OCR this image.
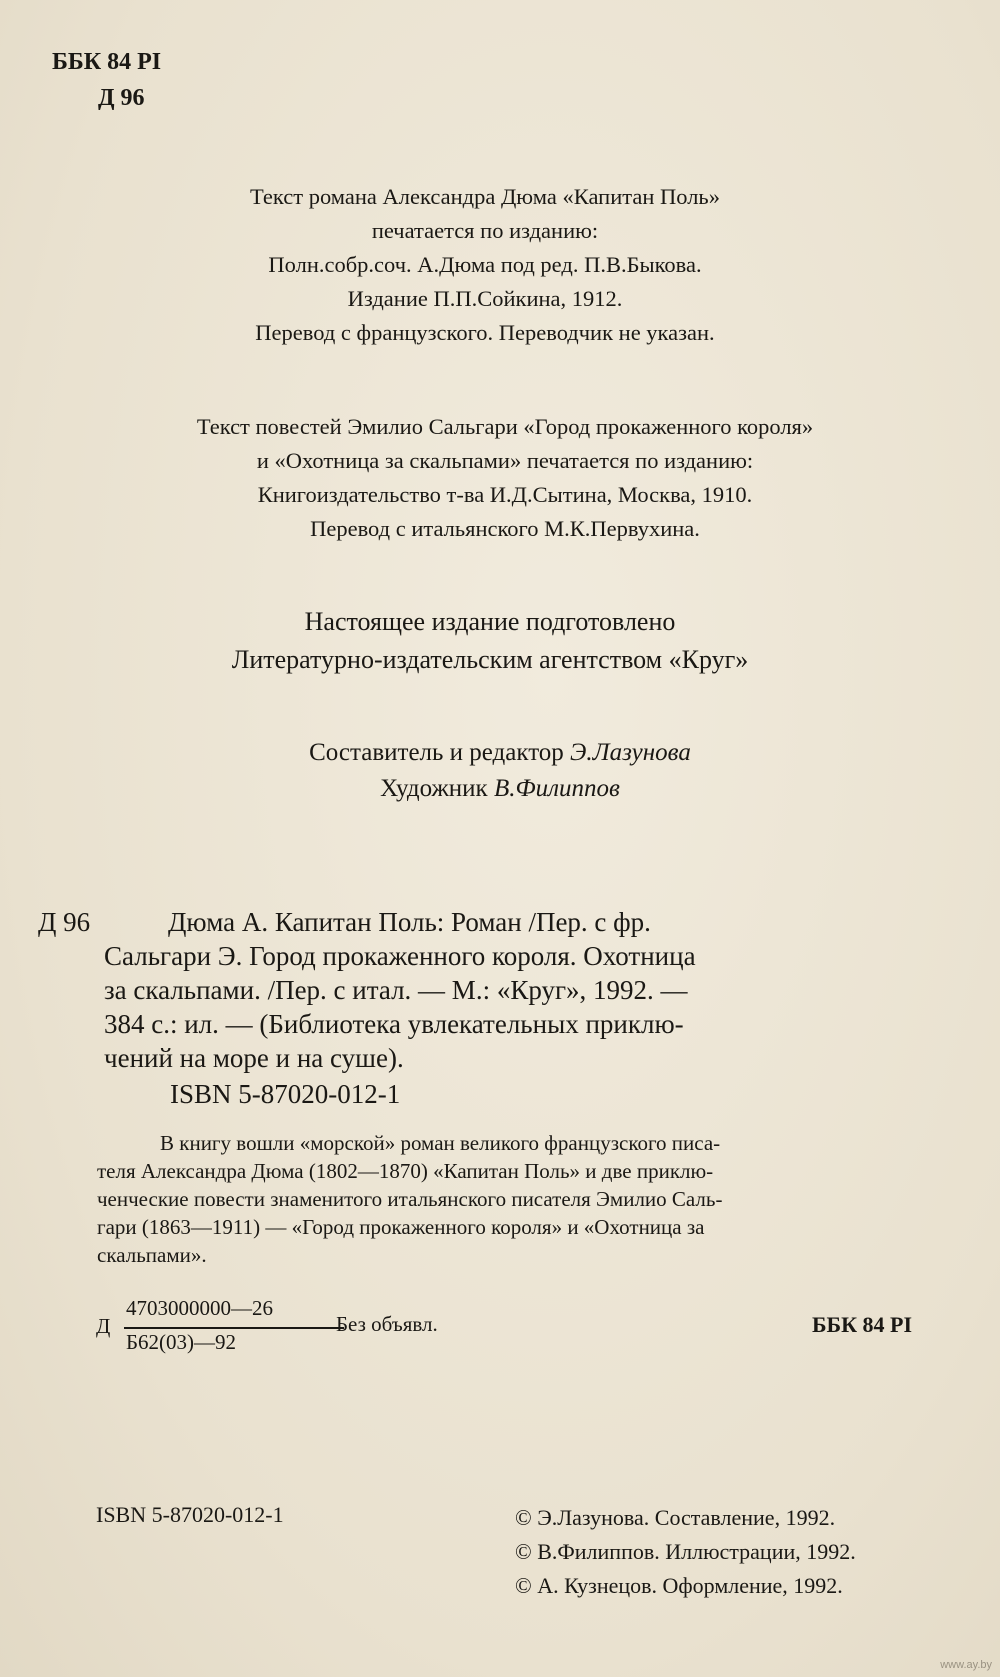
ББК 84 PI
Д 96
Текст романа Александра Дюма «Капитан Поль»
печатается по изданию:
Полн.собр.соч. А.Дюма под ред. П.В.Быкова.
Издание П.П.Сойкина, 1912.
Перевод с французского. Переводчик не указан.
Текст повестей Эмилио Сальгари «Город прокаженного короля»
и «Охотница за скальпами» печатается по изданию:
Книгоиздательство т-ва И.Д.Сытина, Москва, 1910.
Перевод с итальянского М.К.Первухина.
Настоящее издание подготовлено
Литературно-издательским агентством «Круг»
Составитель и редактор Э.Лазунова
Художник В.Филиппов
Д 96	Дюма А. Капитан Поль: Роман /Пер. с фр.
Сальгари Э. Город прокаженного короля. Охотница
за скальпами. /Пер. с итал. — М.: «Круг», 1992. —
384 с.: ил. — (Библиотека увлекательных приклю-
чений на море и на суше).
ISBN 5-87020-012-1
В книгу вошли «морской» роман великого французского писа-
теля Александра Дюма (1802—1870) «Капитан Поль» и две приклю-
ченческие повести знаменитого итальянского писателя Эмилио Саль-
гари (1863—1911) — «Город прокаженного короля» и «Охотница за
скальпами».
Д
4703000000—26
Б62(03)—92
Без объявл.	ББК 84 PI
ISBN 5-87020-012-1	© Э.Лазунова. Составление, 1992.
© В.Филиппов. Иллюстрации, 1992.
© А. Кузнецов. Оформление, 1992.
www.ay.by
